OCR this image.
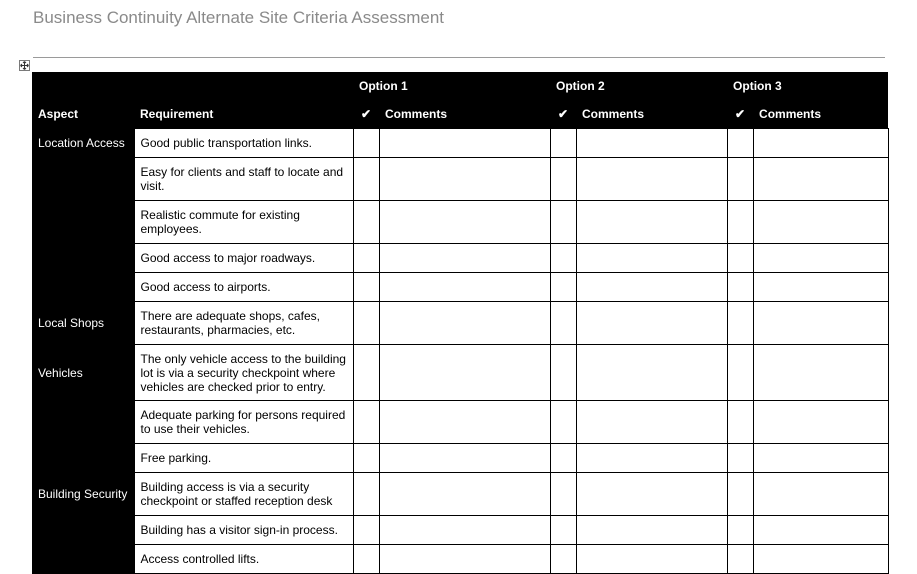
Business Continuity Alternate Site Criteria Assessment
		Option 1		Option 2		Option 3	
Aspect	Requirement	✔	Comments	✔	Comments	✔	Comments
Location Access	Good public transportation links.						
	Easy for clients and staff to locate and visit.						
	Realistic commute for existing employees.						
	Good access to major roadways.						
	Good access to airports.						
Local Shops	There are adequate shops, cafes, restaurants, pharmacies, etc.						
Vehicles	The only vehicle access to the building lot is via a security checkpoint where vehicles are checked prior to entry.						
	Adequate parking for persons required to use their vehicles.						
	Free parking.						
Building Security	Building access is via a security checkpoint or staffed reception desk						
	Building has a visitor sign-in process.						
	Access controlled lifts.						
